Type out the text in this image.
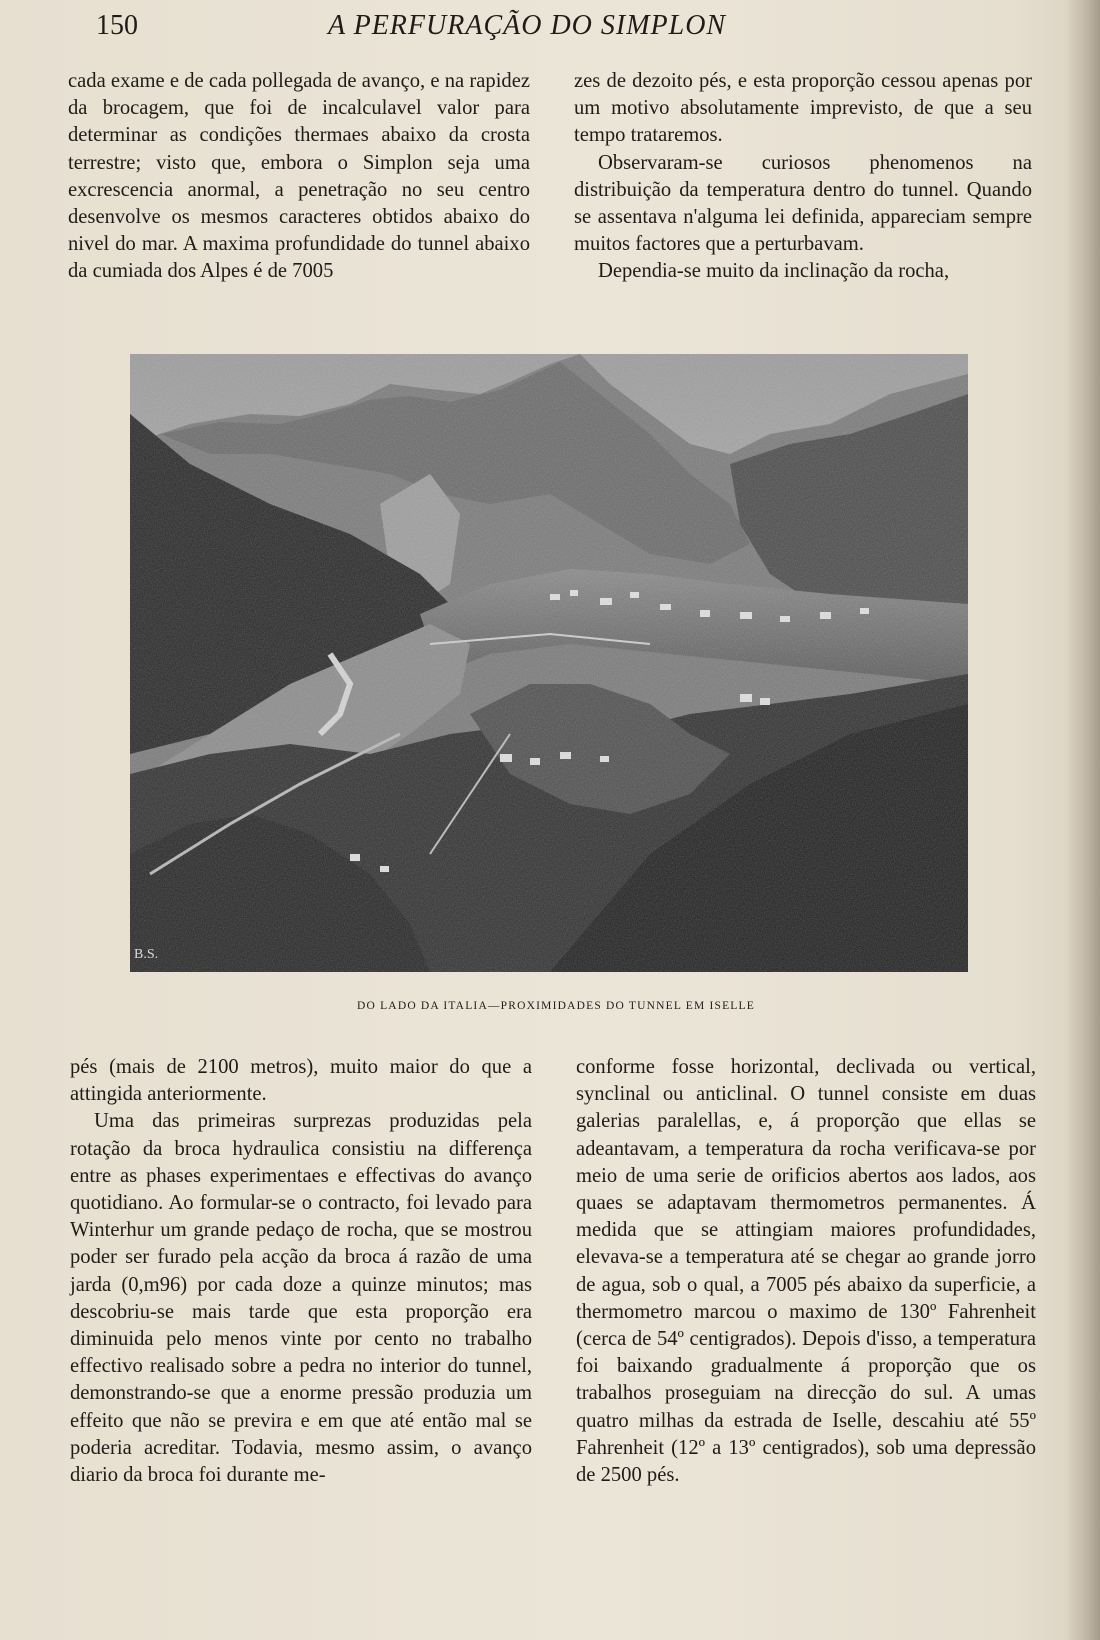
150	A PERFURAÇÃO DO SIMPLON

cada exame e de cada pollegada de avanço, e na rapidez da brocagem, que foi de incalculavel valor para determinar as condições thermaes abaixo da crosta terrestre; visto que, embora o Simplon seja uma excrescencia anormal, a penetração no seu centro desenvolve os mesmos caracteres obtidos abaixo do nivel do mar. A maxima profundidade do tunnel abaixo da cumiada dos Alpes é de 7005

zes de dezoito pés, e esta proporção cessou apenas por um motivo absolutamente imprevisto, de que a seu tempo trataremos.

Observaram-se curiosos phenomenos na distribuição da temperatura dentro do tunnel. Quando se assentava n'alguma lei definida, appareciam sempre muitos factores que a perturbavam.

Dependia-se muito da inclinação da rocha,

B.S.
DO LADO DA ITALIA—PROXIMIDADES DO TUNNEL EM ISELLE

pés (mais de 2100 metros), muito maior do que a attingida anteriormente.

Uma das primeiras surprezas produzidas pela rotação da broca hydraulica consistiu na differença entre as phases experimentaes e effectivas do avanço quotidiano. Ao formular-se o contracto, foi levado para Winterhur um grande pedaço de rocha, que se mostrou poder ser furado pela acção da broca á razão de uma jarda (0,m96) por cada doze a quinze minutos; mas descobriu-se mais tarde que esta proporção era diminuida pelo menos vinte por cento no trabalho effectivo realisado sobre a pedra no interior do tunnel, demonstrando-se que a enorme pressão produzia um effeito que não se previra e em que até então mal se poderia acreditar. Todavia, mesmo assim, o avanço diario da broca foi durante me-

conforme fosse horizontal, declivada ou vertical, synclinal ou anticlinal. O tunnel consiste em duas galerias paralellas, e, á proporção que ellas se adeantavam, a temperatura da rocha verificava-se por meio de uma serie de orificios abertos aos lados, aos quaes se adaptavam thermometros permanentes. Á medida que se attingiam maiores profundidades, elevava-se a temperatura até se chegar ao grande jorro de agua, sob o qual, a 7005 pés abaixo da superficie, a thermometro marcou o maximo de 130º Fahrenheit (cerca de 54º centigrados). Depois d'isso, a temperatura foi baixando gradualmente á proporção que os trabalhos proseguiam na direcção do sul. A umas quatro milhas da estrada de Iselle, descahiu até 55º Fahrenheit (12º a 13º centigrados), sob uma depressão de 2500 pés.
